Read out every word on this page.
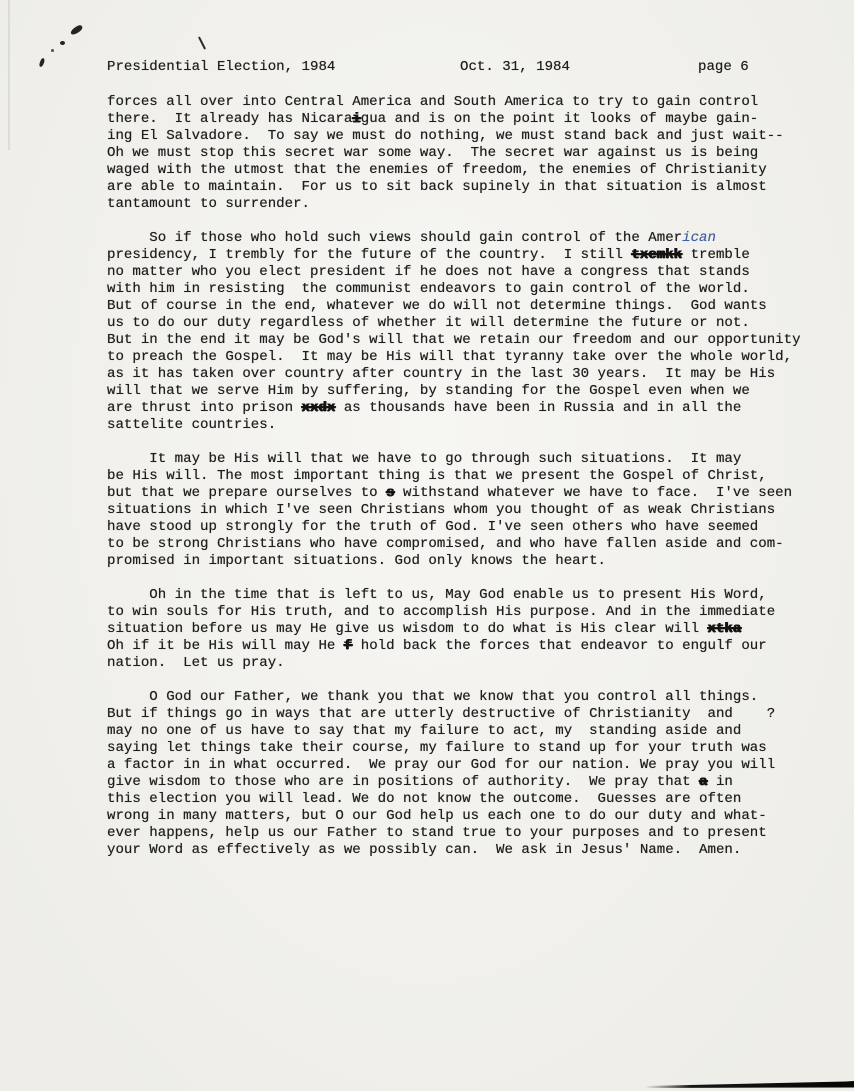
Presidential Election, 1984	Oct. 31, 1984	page 6
forces all over into Central America and South America to try to gain control
there.  It already has Nicaraigua and is on the point it looks of maybe gain-
ing El Salvadore.  To say we must do nothing, we must stand back and just wait--
Oh we must stop this secret war some way.  The secret war against us is being
waged with the utmost that the enemies of freedom, the enemies of Christianity
are able to maintain.  For us to sit back supinely in that situation is almost
tantamount to surrender.
So if those who hold such views should gain control of the American
presidency, I trembly for the future of the country.  I still txemkk tremble
no matter who you elect president if he does not have a congress that stands
with him in resisting  the communist endeavors to gain control of the world.
But of course in the end, whatever we do will not determine things.  God wants
us to do our duty regardless of whether it will determine the future or not.
But in the end it may be God's will that we retain our freedom and our opportunity
to preach the Gospel.  It may be His will that tyranny take over the whole world,
as it has taken over country after country in the last 30 years.  It may be His
will that we serve Him by suffering, by standing for the Gospel even when we
are thrust into prison xxdx as thousands have been in Russia and in all the
sattelite countries.
It may be His will that we have to go through such situations.  It may
be His will. The most important thing is that we present the Gospel of Christ,
but that we prepare ourselves to s withstand whatever we have to face.  I've seen
situations in which I've seen Christians whom you thought of as weak Christians
have stood up strongly for the truth of God. I've seen others who have seemed
to be strong Christians who have compromised, and who have fallen aside and com-
promised in important situations. God only knows the heart.
Oh in the time that is left to us, May God enable us to present His Word,
to win souls for His truth, and to accomplish His purpose. And in the immediate
situation before us may He give us wisdom to do what is His clear will xtka
Oh if it be His will may He f hold back the forces that endeavor to engulf our
nation.  Let us pray.
O God our Father, we thank you that we know that you control all things.
But if things go in ways that are utterly destructive of Christianity  and    ?
may no one of us have to say that my failure to act, my  standing aside and
saying let things take their course, my failure to stand up for your truth was
a factor in in what occurred.  We pray our God for our nation. We pray you will
give wisdom to those who are in positions of authority.  We pray that a in
this election you will lead. We do not know the outcome.  Guesses are often
wrong in many matters, but O our God help us each one to do our duty and what-
ever happens, help us our Father to stand true to your purposes and to present
your Word as effectively as we possibly can.  We ask in Jesus' Name.  Amen.
